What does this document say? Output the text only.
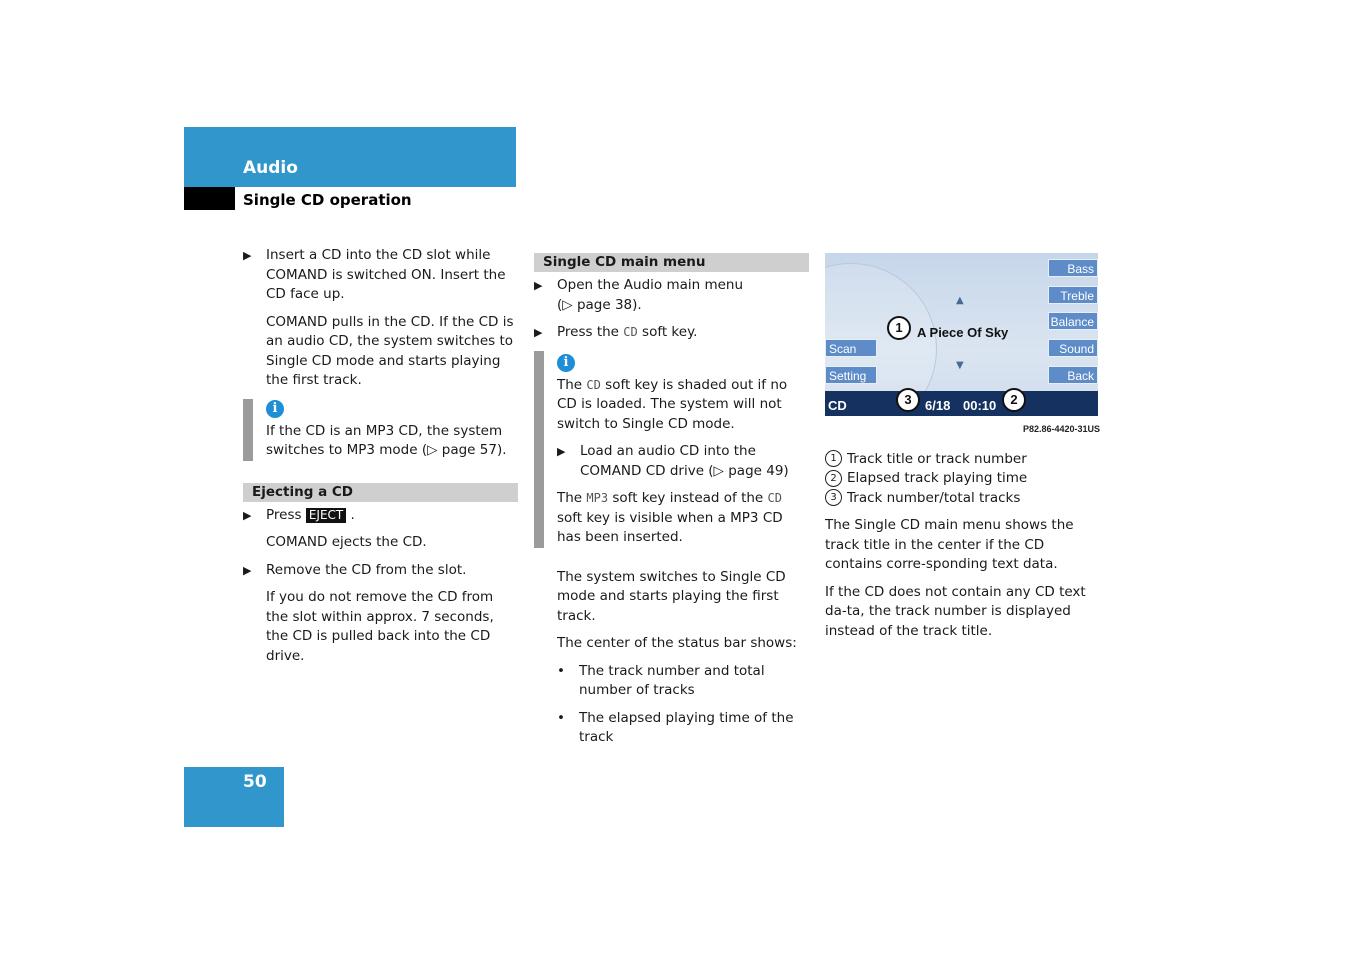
Audio
Single CD operation
▶ Insert a CD into the CD slot while COMAND is switched ON. Insert the CD face up.
COMAND pulls in the CD. If the CD is an audio CD, the system switches to Single CD mode and starts playing the first track.
i
If the CD is an MP3 CD, the system switches to MP3 mode (▷ page 57).
Ejecting a CD
▶ Press EJECT .
COMAND ejects the CD.
▶ Remove the CD from the slot.
If you do not remove the CD from the slot within approx. 7 seconds, the CD is pulled back into the CD drive.
Single CD main menu
▶ Open the Audio main menu
(▷ page 38).
▶ Press the CD soft key.
i
The CD soft key is shaded out if no CD is loaded. The system will not switch to Single CD mode.
▶ Load an audio CD into the COMAND CD drive (▷ page 49)
The MP3 soft key instead of the CD soft key is visible when a MP3 CD has been inserted.
The system switches to Single CD mode and starts playing the first track.
The center of the status bar shows:
• The track number and total number of tracks
• The elapsed playing time of the track
Bass
Treble
Balance
Sound
Back
Scan
Setting
▲
▼
1	A Piece Of Sky
CD	6/18 00:10
3	2
P82.86-4420-31US
1 Track title or track number
2 Elapsed track playing time
3 Track number/total tracks
The Single CD main menu shows the track title in the center if the CD contains corre-sponding text data.
If the CD does not contain any CD text da-ta, the track number is displayed instead of the track title.
50
